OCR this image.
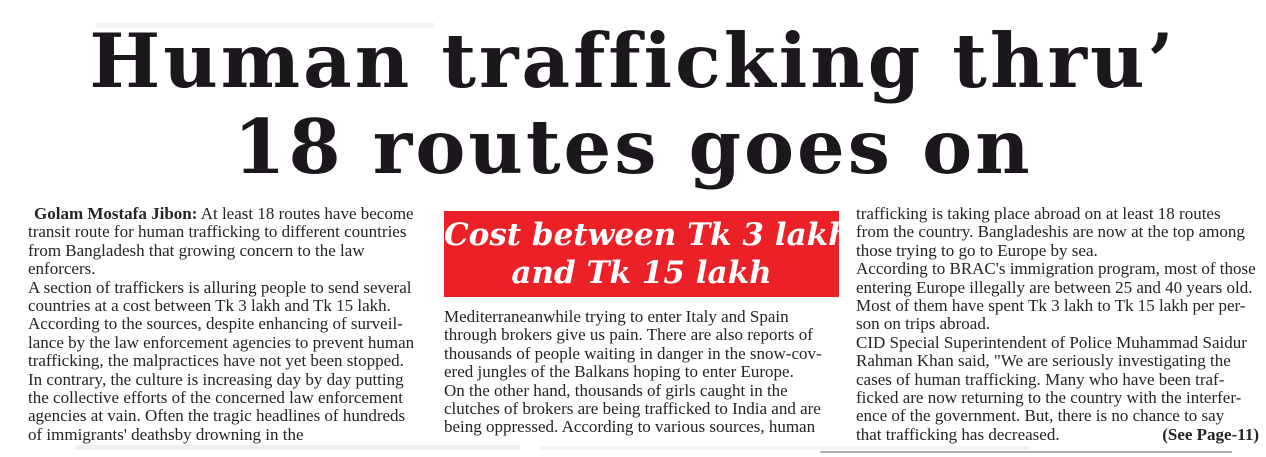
Human trafficking thru’
18 routes goes on
Golam Mostafa Jibon: At least 18 routes have become
transit route for human trafficking to different countries
from Bangladesh that growing concern to the law
enforcers.
A section of traffickers is alluring people to send several
countries at a cost between Tk 3 lakh and Tk 15 lakh.
According to the sources, despite enhancing of surveil-
lance by the law enforcement agencies to prevent human
trafficking, the malpractices have not yet been stopped.
In contrary, the culture is increasing day by day putting
the collective efforts of the concerned law enforcement
agencies at vain. Often the tragic headlines of hundreds
of immigrants' deathsby drowning in the
Cost between Tk 3 lakh
and Tk 15 lakh
Mediterraneanwhile trying to enter Italy and Spain
through brokers give us pain. There are also reports of
thousands of people waiting in danger in the snow-cov-
ered jungles of the Balkans hoping to enter Europe.
On the other hand, thousands of girls caught in the
clutches of brokers are being trafficked to India and are
being oppressed. According to various sources, human
trafficking is taking place abroad on at least 18 routes
from the country. Bangladeshis are now at the top among
those trying to go to Europe by sea.
According to BRAC's immigration program, most of those
entering Europe illegally are between 25 and 40 years old.
Most of them have spent Tk 3 lakh to Tk 15 lakh per per-
son on trips abroad.
CID Special Superintendent of Police Muhammad Saidur
Rahman Khan said, "We are seriously investigating the
cases of human trafficking. Many who have been traf-
ficked are now returning to the country with the interfer-
ence of the government. But, there is no chance to say
that trafficking has decreased.	(See Page-11)
